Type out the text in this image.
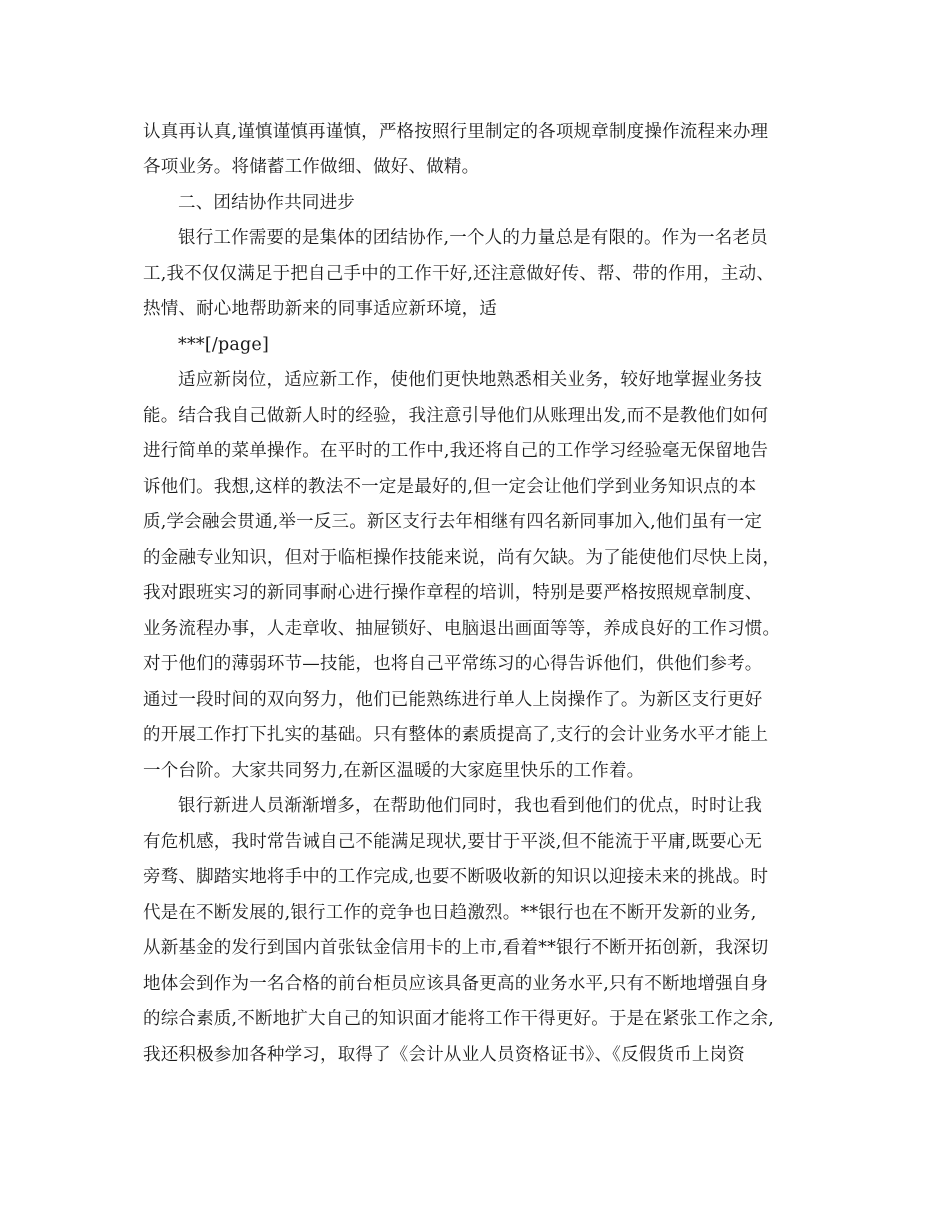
认真再认真,谨慎谨慎再谨慎，严格按照行里制定的各项规章制度操作流程来办理
各项业务。将储蓄工作做细、做好、做精。
二、团结协作共同进步
银行工作需要的是集体的团结协作,一个人的力量总是有限的。作为一名老员
工,我不仅仅满足于把自己手中的工作干好,还注意做好传、帮、带的作用，主动、
热情、耐心地帮助新来的同事适应新环境，适
***[/page]
适应新岗位，适应新工作，使他们更快地熟悉相关业务，较好地掌握业务技
能。结合我自己做新人时的经验，我注意引导他们从账理出发,而不是教他们如何
进行简单的菜单操作。在平时的工作中,我还将自己的工作学习经验毫无保留地告
诉他们。我想,这样的教法不一定是最好的,但一定会让他们学到业务知识点的本
质,学会融会贯通,举一反三。新区支行去年相继有四名新同事加入,他们虽有一定
的金融专业知识，但对于临柜操作技能来说，尚有欠缺。为了能使他们尽快上岗，
我对跟班实习的新同事耐心进行操作章程的培训，特别是要严格按照规章制度、
业务流程办事，人走章收、抽屉锁好、电脑退出画面等等，养成良好的工作习惯。
对于他们的薄弱环节—技能，也将自己平常练习的心得告诉他们，供他们参考。
通过一段时间的双向努力，他们已能熟练进行单人上岗操作了。为新区支行更好
的开展工作打下扎实的基础。只有整体的素质提高了,支行的会计业务水平才能上
一个台阶。大家共同努力,在新区温暖的大家庭里快乐的工作着。
银行新进人员渐渐增多，在帮助他们同时，我也看到他们的优点，时时让我
有危机感，我时常告诫自己不能满足现状,要甘于平淡,但不能流于平庸,既要心无
旁骛、脚踏实地将手中的工作完成,也要不断吸收新的知识以迎接未来的挑战。时
代是在不断发展的,银行工作的竞争也日趋激烈。**银行也在不断开发新的业务,
从新基金的发行到国内首张钛金信用卡的上市,看着**银行不断开拓创新，我深切
地体会到作为一名合格的前台柜员应该具备更高的业务水平,只有不断地增强自身
的综合素质,不断地扩大自己的知识面才能将工作干得更好。于是在紧张工作之余,
我还积极参加各种学习，取得了《会计从业人员资格证书》、《反假货币上岗资
